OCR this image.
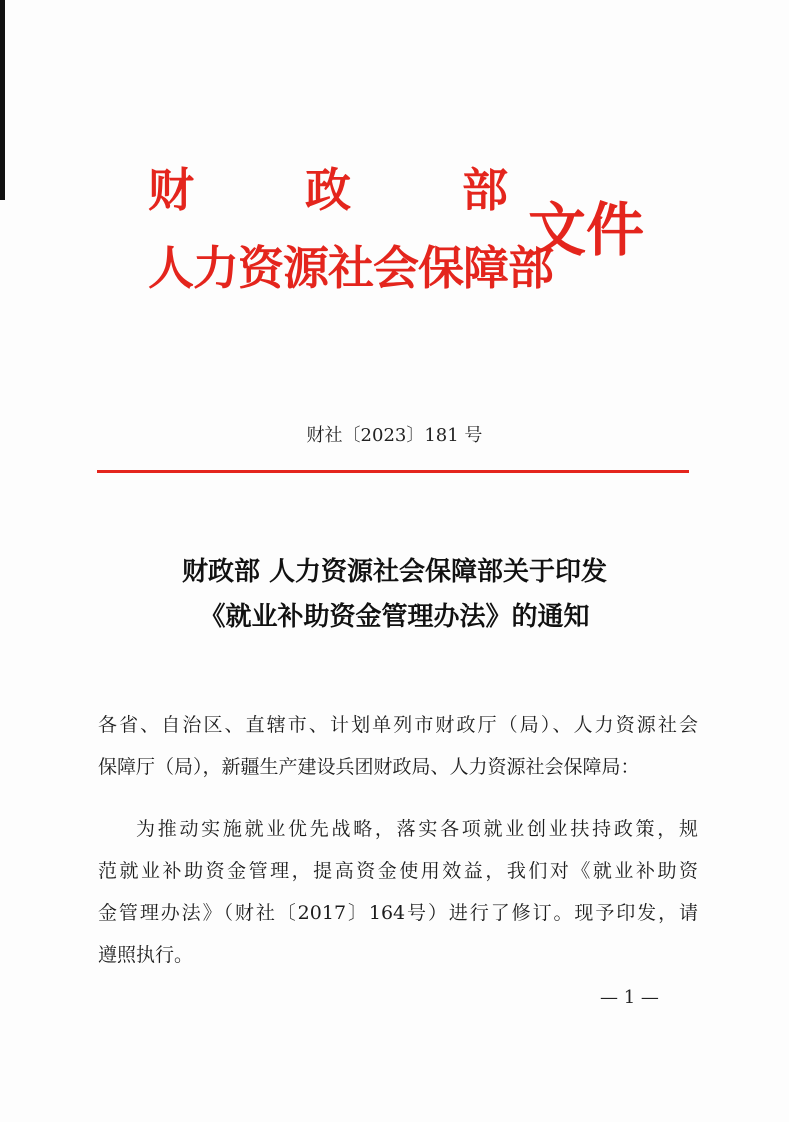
财 政 部
人力资源社会保障部
文件
财社〔2023〕181 号
财政部 人力资源社会保障部关于印发
《就业补助资金管理办法》的通知
各省、自治区、直辖市、计划单列市财政厅（局）、人力资源社会
保障厅（局），新疆生产建设兵团财政局、人力资源社会保障局：
为推动实施就业优先战略，落实各项就业创业扶持政策，规
范就业补助资金管理，提高资金使用效益，我们对《就业补助资
金管理办法》（财社〔2017〕164号）进行了修订。现予印发，请
遵照执行。
— 1 —
